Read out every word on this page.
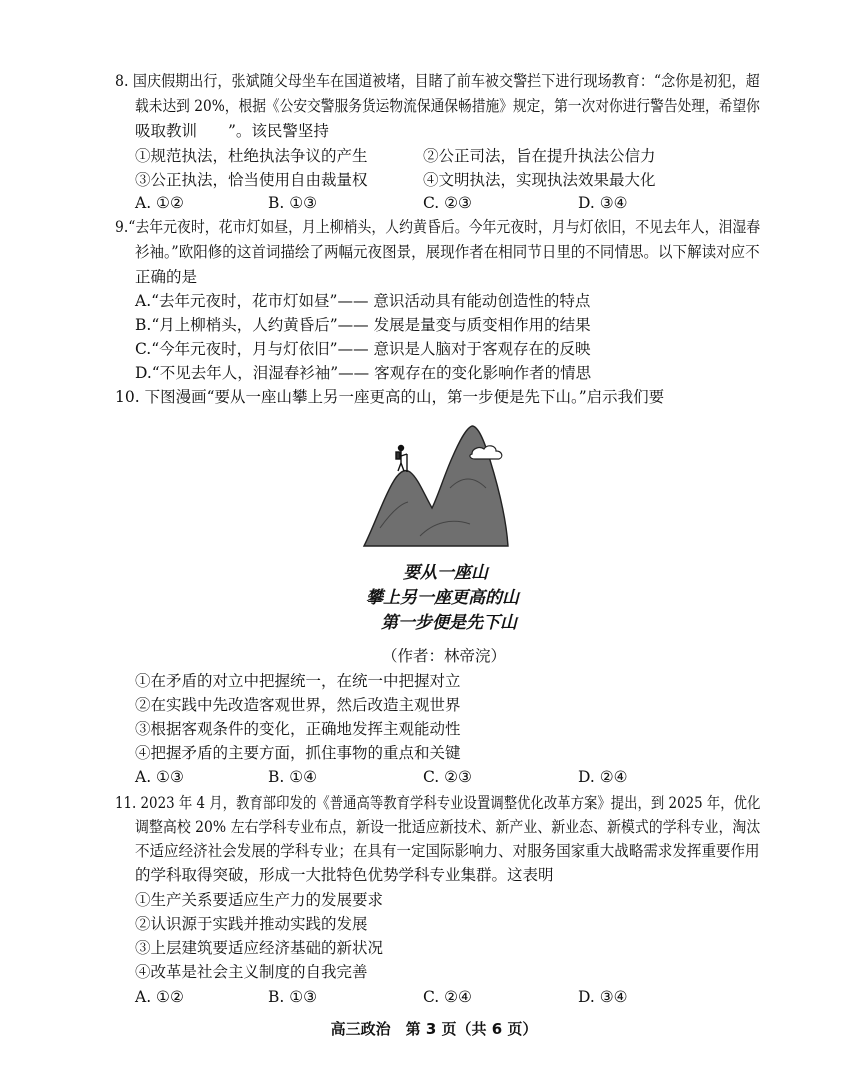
8. 国庆假期出行，张斌随父母坐车在国道被堵，目睹了前车被交警拦下进行现场教育：“念你是初犯，超
载未达到 20%，根据《公安交警服务货运物流保通保畅措施》规定，第一次对你进行警告处理，希望你
吸取教训　　”。该民警坚持
①规范执法，杜绝执法争议的产生	②公正司法，旨在提升执法公信力
③公正执法，恰当使用自由裁量权	④文明执法，实现执法效果最大化
A. ①②	B. ①③	C. ②③	D. ③④
9.“去年元夜时，花市灯如昼，月上柳梢头，人约黄昏后。今年元夜时，月与灯依旧，不见去年人，泪湿春
衫袖。”欧阳修的这首词描绘了两幅元夜图景，展现作者在相同节日里的不同情思。以下解读对应不
正确的是
A.“去年元夜时，花市灯如昼”—— 意识活动具有能动创造性的特点
B.“月上柳梢头，人约黄昏后”—— 发展是量变与质变相作用的结果
C.“今年元夜时，月与灯依旧”—— 意识是人脑对于客观存在的反映
D.“不见去年人，泪湿春衫袖”—— 客观存在的变化影响作者的情思
10. 下图漫画“要从一座山攀上另一座更高的山，第一步便是先下山。”启示我们要
要从一座山
攀上另一座更高的山
第一步便是先下山
（作者：林帝浣）
①在矛盾的对立中把握统一，在统一中把握对立
②在实践中先改造客观世界，然后改造主观世界
③根据客观条件的变化，正确地发挥主观能动性
④把握矛盾的主要方面，抓住事物的重点和关键
A. ①③	B. ①④	C. ②③	D. ②④
11. 2023 年 4 月，教育部印发的《普通高等教育学科专业设置调整优化改革方案》提出，到 2025 年，优化
调整高校 20% 左右学科专业布点，新设一批适应新技术、新产业、新业态、新模式的学科专业，淘汰
不适应经济社会发展的学科专业；在具有一定国际影响力、对服务国家重大战略需求发挥重要作用
的学科取得突破，形成一大批特色优势学科专业集群。这表明
①生产关系要适应生产力的发展要求
②认识源于实践并推动实践的发展
③上层建筑要适应经济基础的新状况
④改革是社会主义制度的自我完善
A. ①②	B. ①③	C. ②④	D. ③④
高三政治　第 3 页（共 6 页）
